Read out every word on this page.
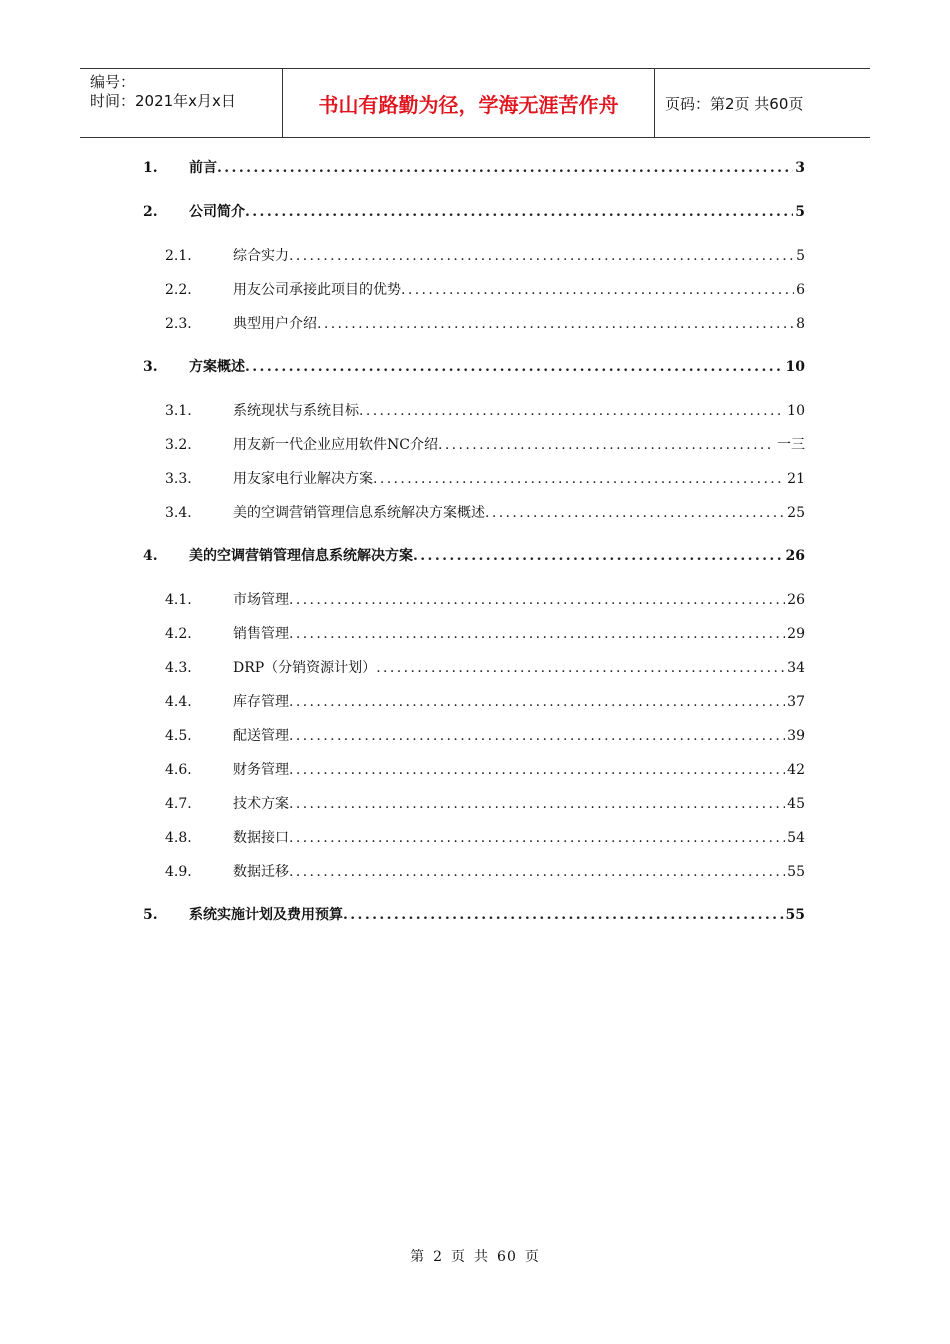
编号：
时间：2021年x月x日	书山有路勤为径，学海无涯苦作舟	页码：第2页 共60页
1. 前言 .....	3
2. 公司简介 .....	5
2.1.	综合实力 .....	5
2.2.	用友公司承接此项目的优势 .....	6
2.3.	典型用户介绍 .....	8
3. 方案概述 .....	10
3.1.	系统现状与系统目标 .....	10
3.2.	用友新一代企业应用软件NC介绍 .....	一三
3.3.	用友家电行业解决方案 .....	21
3.4.	美的空调营销管理信息系统解决方案概述 .....	25
4. 美的空调营销管理信息系统解决方案 .....	26
4.1.	市场管理 .....	26
4.2.	销售管理 .....	29
4.3.	DRP（分销资源计划） .....	34
4.4.	库存管理 .....	37
4.5.	配送管理 .....	39
4.6.	财务管理 .....	42
4.7.	技术方案 .....	45
4.8.	数据接口 .....	54
4.9.	数据迁移 .....	55
5. 系统实施计划及费用预算 .....	55
第 2 页 共 60 页
